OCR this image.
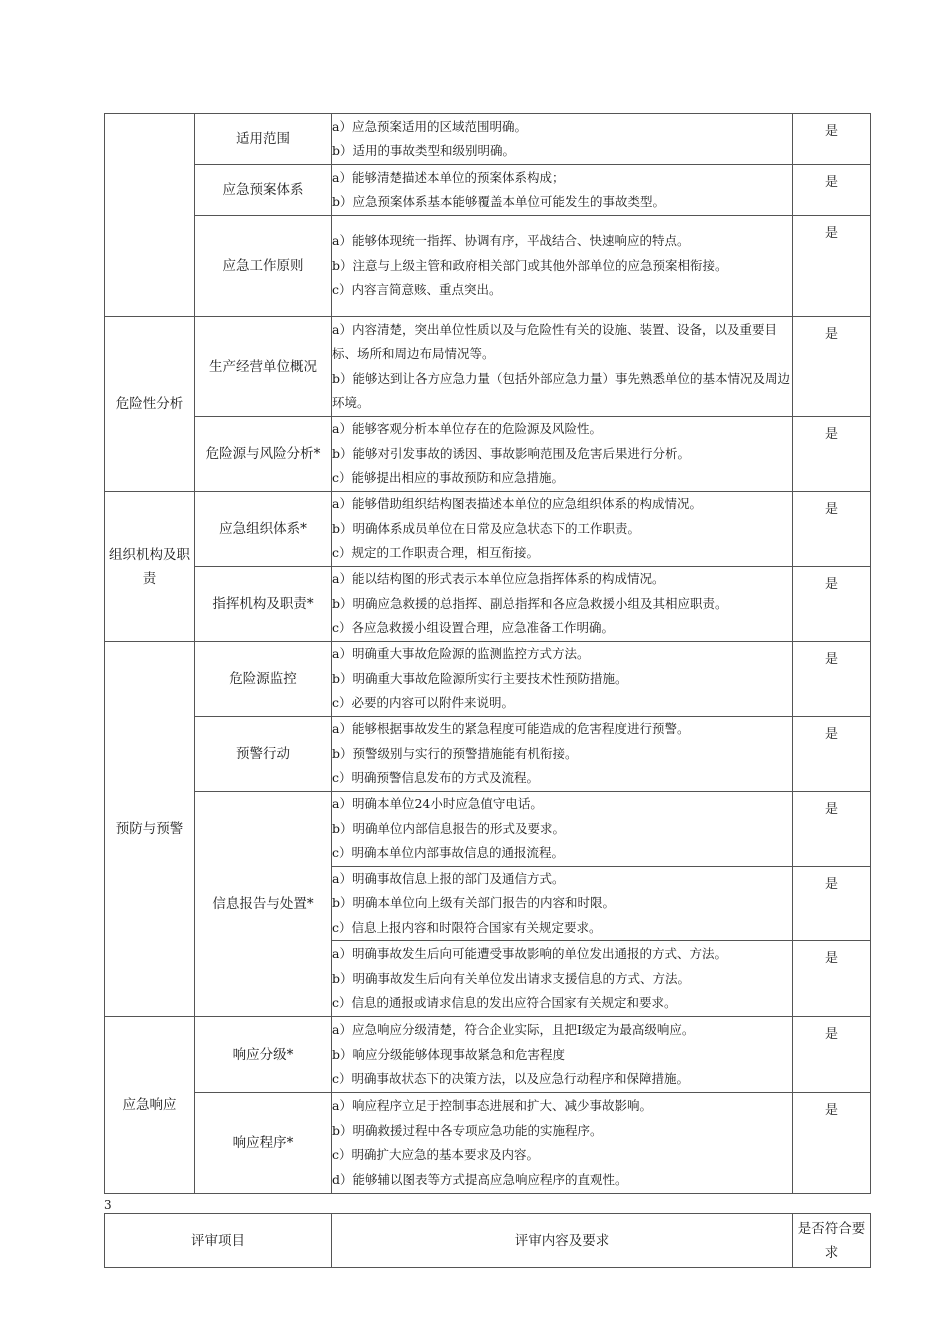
	适用范围	a）应急预案适用的区域范围明确。
b）适用的事故类型和级别明确。	是
	应急预案体系	a）能够清楚描述本单位的预案体系构成；
b）应急预案体系基本能够覆盖本单位可能发生的事故类型。	是
	应急工作原则	a）能够体现统一指挥、协调有序，平战结合、快速响应的特点。
b）注意与上级主管和政府相关部门或其他外部单位的应急预案相衔接。
c）内容言简意赅、重点突出。	是
危险性分析	生产经营单位概况	a）内容清楚，突出单位性质以及与危险性有关的设施、装置、设备，以及重要目标、场所和周边布局情况等。
b）能够达到让各方应急力量（包括外部应急力量）事先熟悉单位的基本情况及周边环境。	是
	危险源与风险分析*	a）能够客观分析本单位存在的危险源及风险性。
b）能够对引发事故的诱因、事故影响范围及危害后果进行分析。
c）能够提出相应的事故预防和应急措施。	是
组织机构及职责	应急组织体系*	a）能够借助组织结构图表描述本单位的应急组织体系的构成情况。
b）明确体系成员单位在日常及应急状态下的工作职责。
c）规定的工作职责合理，相互衔接。	是
	指挥机构及职责*	a）能以结构图的形式表示本单位应急指挥体系的构成情况。
b）明确应急救援的总指挥、副总指挥和各应急救援小组及其相应职责。
c）各应急救援小组设置合理，应急准备工作明确。	是
预防与预警	危险源监控	a）明确重大事故危险源的监测监控方式方法。
b）明确重大事故危险源所实行主要技术性预防措施。
c）必要的内容可以附件来说明。	是
	预警行动	a）能够根据事故发生的紧急程度可能造成的危害程度进行预警。
b）预警级别与实行的预警措施能有机衔接。
c）明确预警信息发布的方式及流程。	是
	信息报告与处置*	a）明确本单位24小时应急值守电话。
b）明确单位内部信息报告的形式及要求。
c）明确本单位内部事故信息的通报流程。	是

		a）明确事故信息上报的部门及通信方式。
b）明确本单位向上级有关部门报告的内容和时限。
c）信息上报内容和时限符合国家有关规定要求。	是

		a）明确事故发生后向可能遭受事故影响的单位发出通报的方式、方法。
b）明确事故发生后向有关单位发出请求支援信息的方式、方法。
c）信息的通报或请求信息的发出应符合国家有关规定和要求。	是
应急响应	响应分级*	a）应急响应分级清楚，符合企业实际，且把Ⅰ级定为最高级响应。
b）响应分级能够体现事故紧急和危害程度
c）明确事故状态下的决策方法，以及应急行动程序和保障措施。	是
	响应程序*	a）响应程序立足于控制事态进展和扩大、减少事故影响。
b）明确救援过程中各专项应急功能的实施程序。
c）明确扩大应急的基本要求及内容。
d）能够辅以图表等方式提高应急响应程序的直观性。	是
3
评审项目	评审内容及要求	是否符合要求
